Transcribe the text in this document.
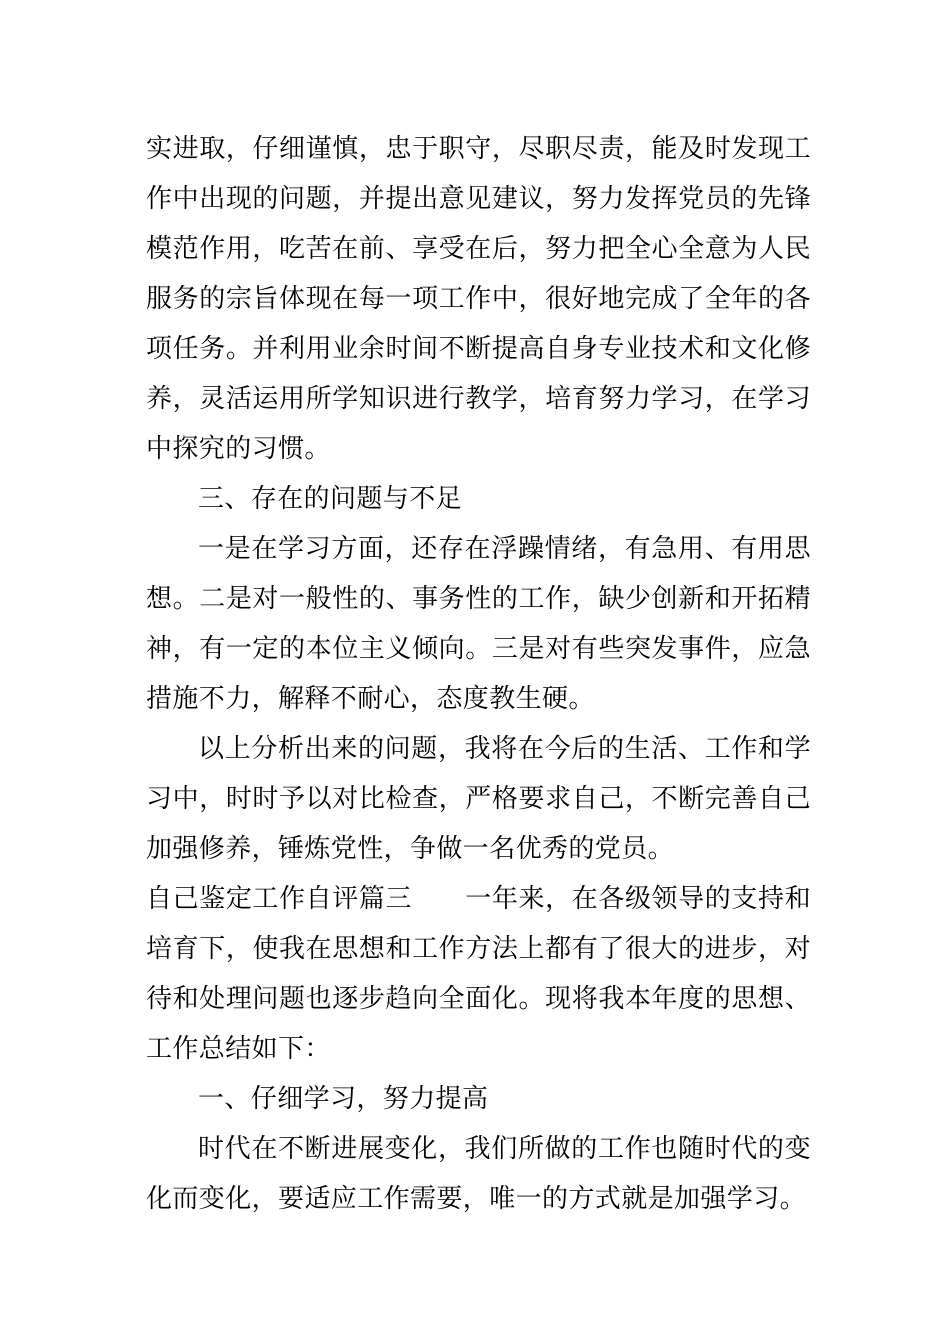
实进取，仔细谨慎，忠于职守，尽职尽责，能及时发现工作中出现的问题，并提出意见建议，努力发挥党员的先锋模范作用，吃苦在前、享受在后，努力把全心全意为人民服务的宗旨体现在每一项工作中，很好地完成了全年的各项任务。并利用业余时间不断提高自身专业技术和文化修养，灵活运用所学知识进行教学，培育努力学习，在学习中探究的习惯。

三、存在的问题与不足

一是在学习方面，还存在浮躁情绪，有急用、有用思想。二是对一般性的、事务性的工作，缺少创新和开拓精神，有一定的本位主义倾向。三是对有些突发事件，应急措施不力，解释不耐心，态度教生硬。

以上分析出来的问题，我将在今后的生活、工作和学习中，时时予以对比检查，严格要求自己，不断完善自己加强修养，锤炼党性，争做一名优秀的党员。

自己鉴定工作自评篇三　　一年来，在各级领导的支持和培育下，使我在思想和工作方法上都有了很大的进步，对待和处理问题也逐步趋向全面化。现将我本年度的思想、工作总结如下：

一、仔细学习，努力提高

时代在不断进展变化，我们所做的工作也随时代的变化而变化，要适应工作需要，唯一的方式就是加强学习。
